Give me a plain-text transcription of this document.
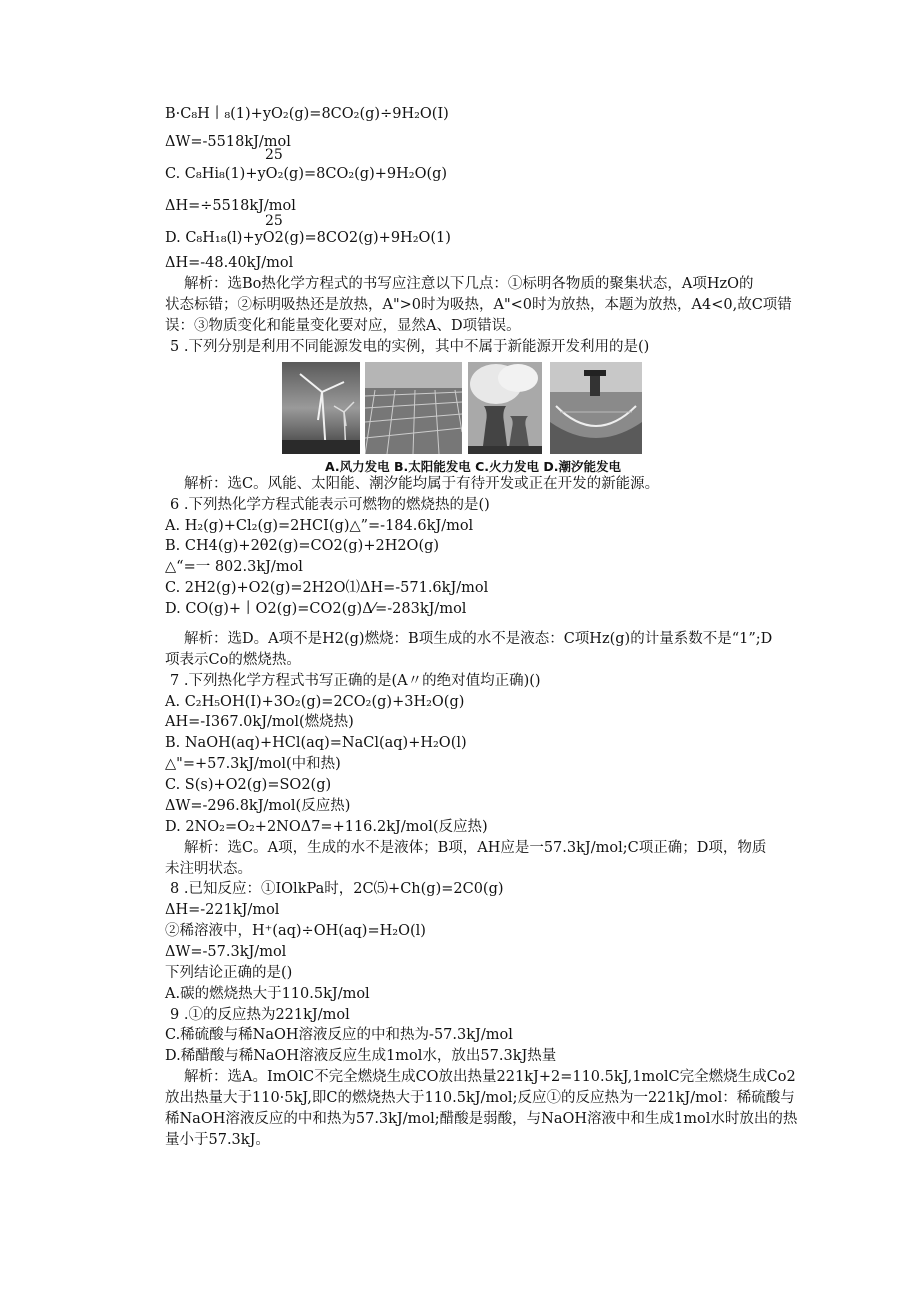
B·C₈H丨₈(1)+yO₂(g)=8CO₂(g)÷9H₂O(I)
ΔW=-5518kJ/mol
25
C. C₈Hi₈(1)+yO₂(g)=8CO₂(g)+9H₂O(g)
ΔH=÷5518kJ/mol
25
D. C₈H₁₈(l)+yO2(g)=8CO2(g)+9H₂O(1)
ΔH=-48.40kJ/mol
解析：选Bo热化学方程式的书写应注意以下几点：①标明各物质的聚集状态，A项HzO的
状态标错；②标明吸热还是放热，A">0时为吸热，A"<0时为放热，本题为放热，A4<0,故C项错
误：③物质变化和能量变化要对应，显然A、D项错误。
5 .下列分别是利用不同能源发电的实例，其中不属于新能源开发利用的是()
A.风力发电 B.太阳能发电 C.火力发电 D.潮汐能发电
解析：选C。风能、太阳能、潮汐能均属于有待开发或正在开发的新能源。
6 .下列热化学方程式能表示可燃物的燃烧热的是()
A. H₂(g)+Cl₂(g)=2HCI(g)△”=-184.6kJ/mol
B. CH4(g)+2θ2(g)=CO2(g)+2H2O(g)
△“=一 802.3kJ/mol
C. 2H2(g)+O2(g)=2H2O⑴ΔH=-571.6kJ/mol
D. CO(g)+丨O2(g)=CO2(g)Δ⁄=-283kJ/mol
解析：选D。A项不是H2(g)燃烧：B项生成的水不是液态：C项Hz(g)的计量系数不是“1”;D
项表示Co的燃烧热。
7 .下列热化学方程式书写正确的是(A〃的绝对值均正确)()
A. C₂H₅OH(I)+3O₂(g)=2CO₂(g)+3H₂O(g)
AH=-I367.0kJ/mol(燃烧热)
B. NaOH(aq)+HCl(aq)=NaCl(aq)+H₂O(l)
△"=+57.3kJ/mol(中和热)
C. S(s)+O2(g)=SO2(g)
ΔW=-296.8kJ/mol(反应热)
D. 2NO₂=O₂+2NOΔ7=+116.2kJ/mol(反应热)
解析：选C。A项，生成的水不是液体；B项，AH应是一57.3kJ/mol;C项正确；D项，物质
未注明状态。
8 .已知反应：①IOlkPa时，2C⑸+Ch(g)=2C0(g)
ΔH=-221kJ/mol
②稀溶液中，H⁺(aq)÷OH(aq)=H₂O(l)
ΔW=-57.3kJ/mol
下列结论正确的是()
A.碳的燃烧热大于110.5kJ/mol
9 .①的反应热为221kJ/mol
C.稀硫酸与稀NaOH溶液反应的中和热为-57.3kJ/mol
D.稀醋酸与稀NaOH溶液反应生成1mol水，放出57.3kJ热量
解析：选A。ImOlC不完全燃烧生成CO放出热量221kJ+2=110.5kJ,1molC完全燃烧生成Co2
放出热量大于110·5kJ,即C的燃烧热大于110.5kJ/mol;反应①的反应热为一221kJ/mol：稀硫酸与
稀NaOH溶液反应的中和热为57.3kJ/mol;醋酸是弱酸，与NaOH溶液中和生成1mol水时放出的热
量小于57.3kJ。
